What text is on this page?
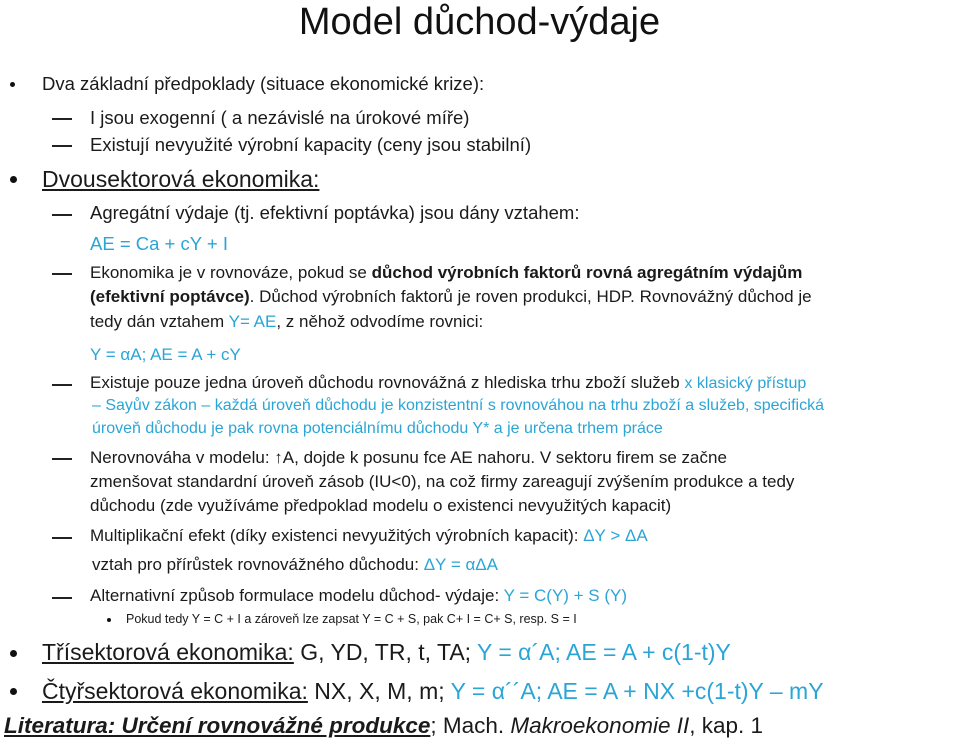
Model důchod-výdaje
Dva základní předpoklady (situace ekonomické krize):
I jsou exogenní ( a nezávislé na úrokové míře)
Existují nevyužité výrobní kapacity (ceny jsou stabilní)
Dvousektorová ekonomika:
Agregátní výdaje (tj. efektivní poptávka) jsou dány vztahem:
AE = Ca + cY + I
Ekonomika je v rovnováze, pokud se důchod výrobních faktorů rovná agregátním výdajům
(efektivní poptávce). Důchod výrobních faktorů je roven produkci, HDP. Rovnovážný důchod je
tedy dán vztahem Y= AE, z něhož odvodíme rovnici:
Y = αA; AE = A + cY
Existuje pouze jedna úroveň důchodu rovnovážná z hlediska trhu zboží služeb x klasický přístup
– Sayův zákon – každá úroveň důchodu je konzistentní s rovnováhou na trhu zboží a služeb, specifická
úroveň důchodu je pak rovna potenciálnímu důchodu Y* a je určena trhem práce
Nerovnováha v modelu: ↑A, dojde k posunu fce AE nahoru. V sektoru firem se začne
zmenšovat standardní úroveň zásob (IU<0), na což firmy zareagují zvýšením produkce a tedy
důchodu (zde využíváme předpoklad modelu o existenci nevyužitých kapacit)
Multiplikační efekt (díky existenci nevyužitých výrobních kapacit): ΔY > ΔA
vztah pro přírůstek rovnovážného důchodu: ΔY = αΔA
Alternativní způsob formulace modelu důchod- výdaje: Y = C(Y) + S (Y)
Pokud tedy Y = C + I a zároveň lze zapsat Y = C + S, pak C+ I = C+ S, resp. S = I
Třísektorová ekonomika: G, YD, TR, t, TA; Y = α´A; AE = A + c(1-t)Y
Čtyřsektorová ekonomika: NX, X, M, m; Y = α´´A; AE = A + NX +c(1-t)Y – mY
Literatura: Určení rovnovážné produkce; Mach. Makroekonomie II, kap. 1
